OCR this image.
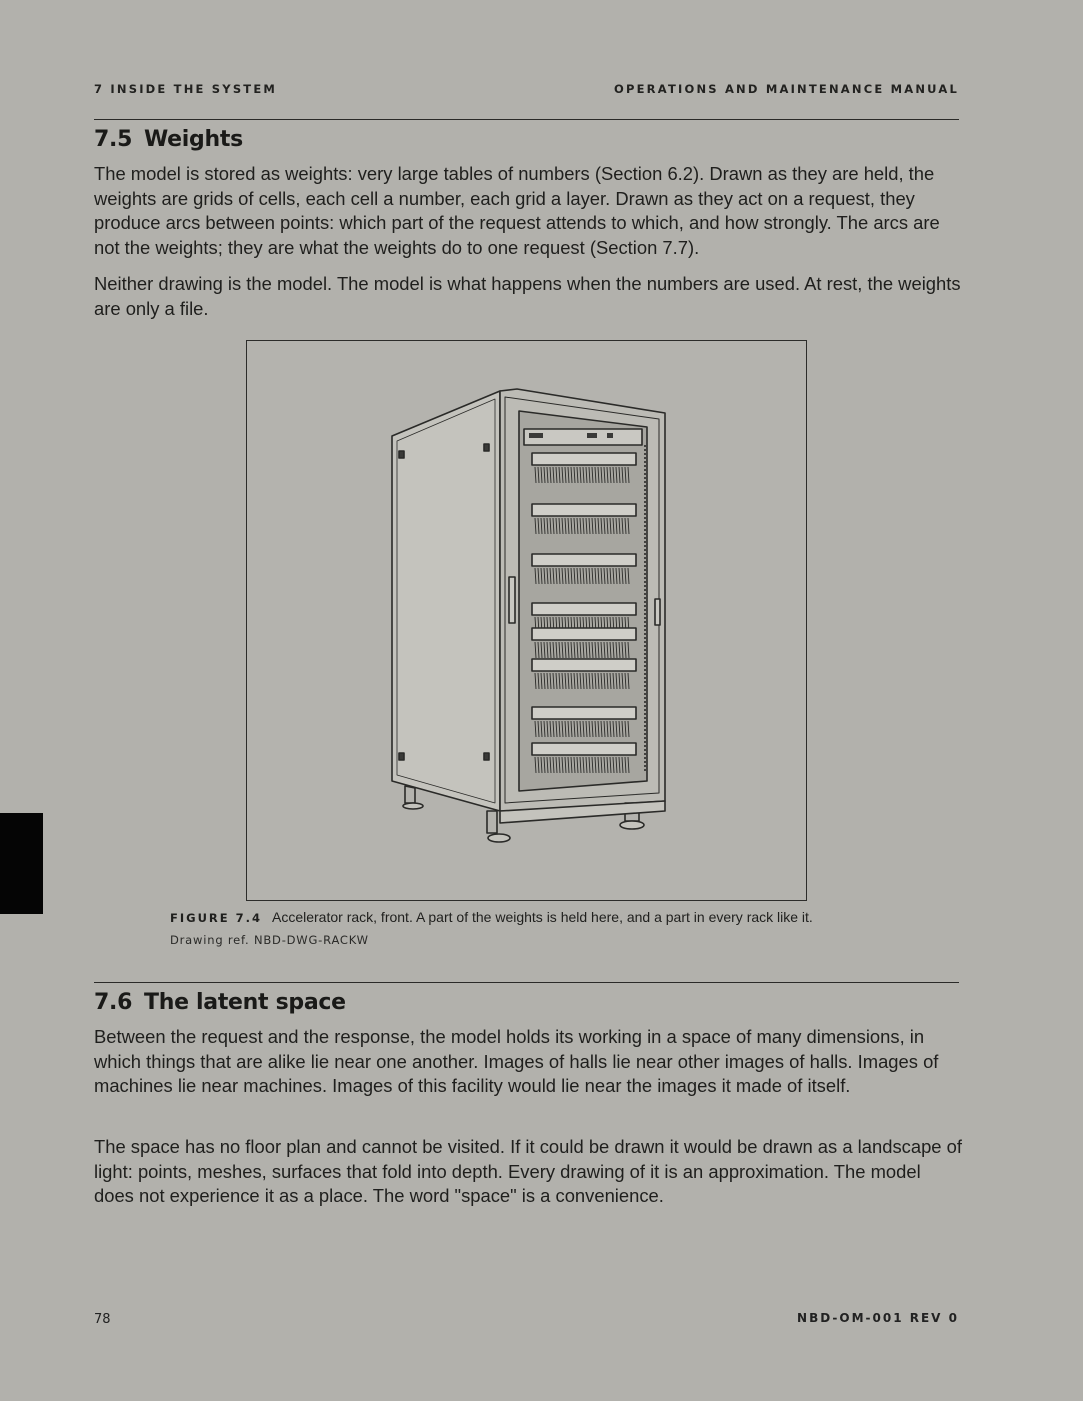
7 INSIDE THE SYSTEM	OPERATIONS AND MAINTENANCE MANUAL
7.5 Weights

The model is stored as weights: very large tables of numbers (Section 6.2). Drawn as they are held, the weights are grids of cells, each cell a number, each grid a layer. Drawn as they act on a request, they produce arcs between points: which part of the request attends to which, and how strongly. The arcs are not the weights; they are what the weights do to one request (Section 7.7).

Neither drawing is the model. The model is what happens when the numbers are used. At rest, the weights are only a file.

FIGURE 7.4 Accelerator rack, front. A part of the weights is held here, and a part in every rack like it.
Drawing ref. NBD-DWG-RACKW
7.6 The latent space

Between the request and the response, the model holds its working in a space of many dimensions, in which things that are alike lie near one another. Images of halls lie near other images of halls. Images of machines lie near machines. Images of this facility would lie near the images it made of itself.

The space has no floor plan and cannot be visited. If it could be drawn it would be drawn as a landscape of light: points, meshes, surfaces that fold into depth. Every drawing of it is an approximation. The model does not experience it as a place. The word "space" is a convenience.

78	NBD-OM-001 REV 0
